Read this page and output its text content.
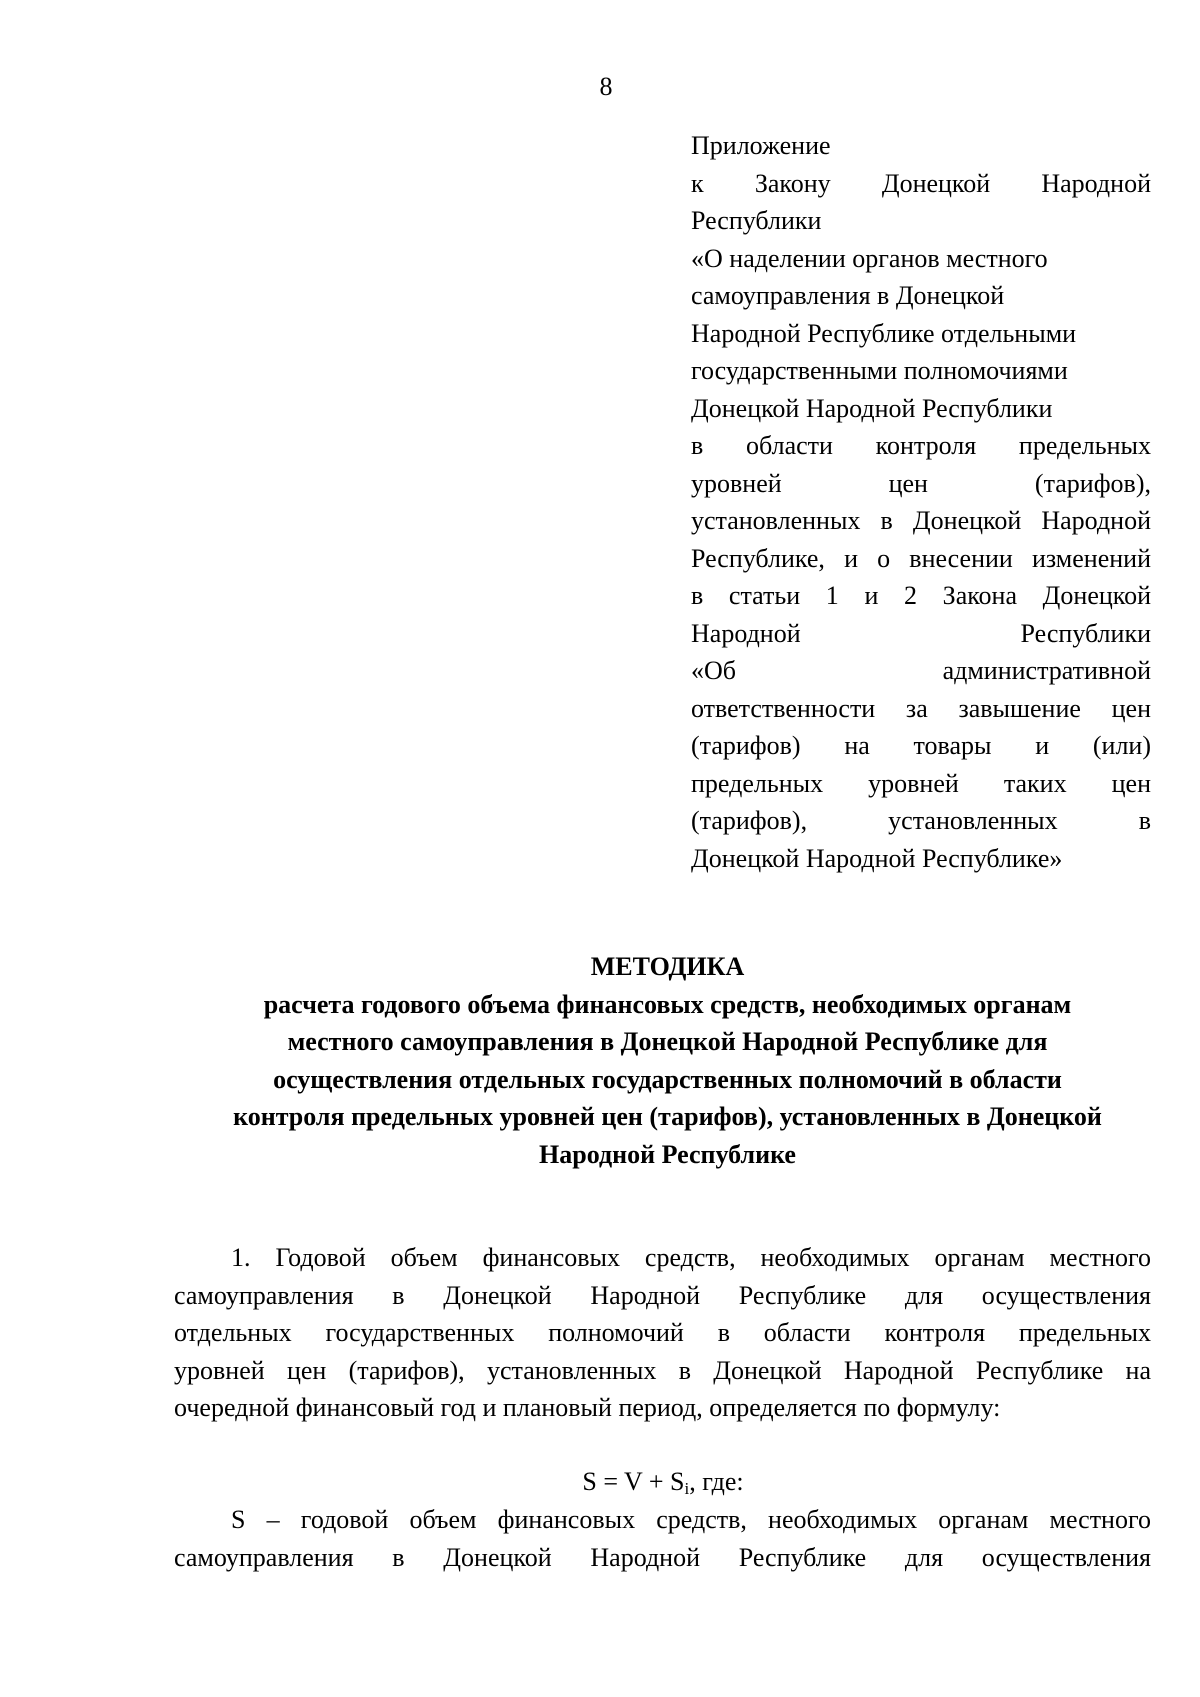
8
Приложение
к Закону Донецкой Народной
Республики
«О наделении органов местного
самоуправления в Донецкой
Народной Республике отдельными
государственными полномочиями
Донецкой Народной Республики
в области контроля предельных
уровней цен (тарифов),
установленных в Донецкой Народной
Республике, и о внесении изменений
в статьи 1 и 2 Закона Донецкой
Народной Республики
«Об административной
ответственности за завышение цен
(тарифов) на товары и (или)
предельных уровней таких цен
(тарифов), установленных в
Донецкой Народной Республике»
МЕТОДИКА
расчета годового объема финансовых средств, необходимых органам
местного самоуправления в Донецкой Народной Республике для
осуществления отдельных государственных полномочий в области
контроля предельных уровней цен (тарифов), установленных в Донецкой
Народной Республике
1. Годовой объем финансовых средств, необходимых органам местного
самоуправления в Донецкой Народной Республике для осуществления
отдельных государственных полномочий в области контроля предельных
уровней цен (тарифов), установленных в Донецкой Народной Республике на
очередной финансовый год и плановый период, определяется по формулу:
$S = V + S_i$, где:
S – годовой объем финансовых средств, необходимых органам местного
самоуправления в Донецкой Народной Республике для осуществления
